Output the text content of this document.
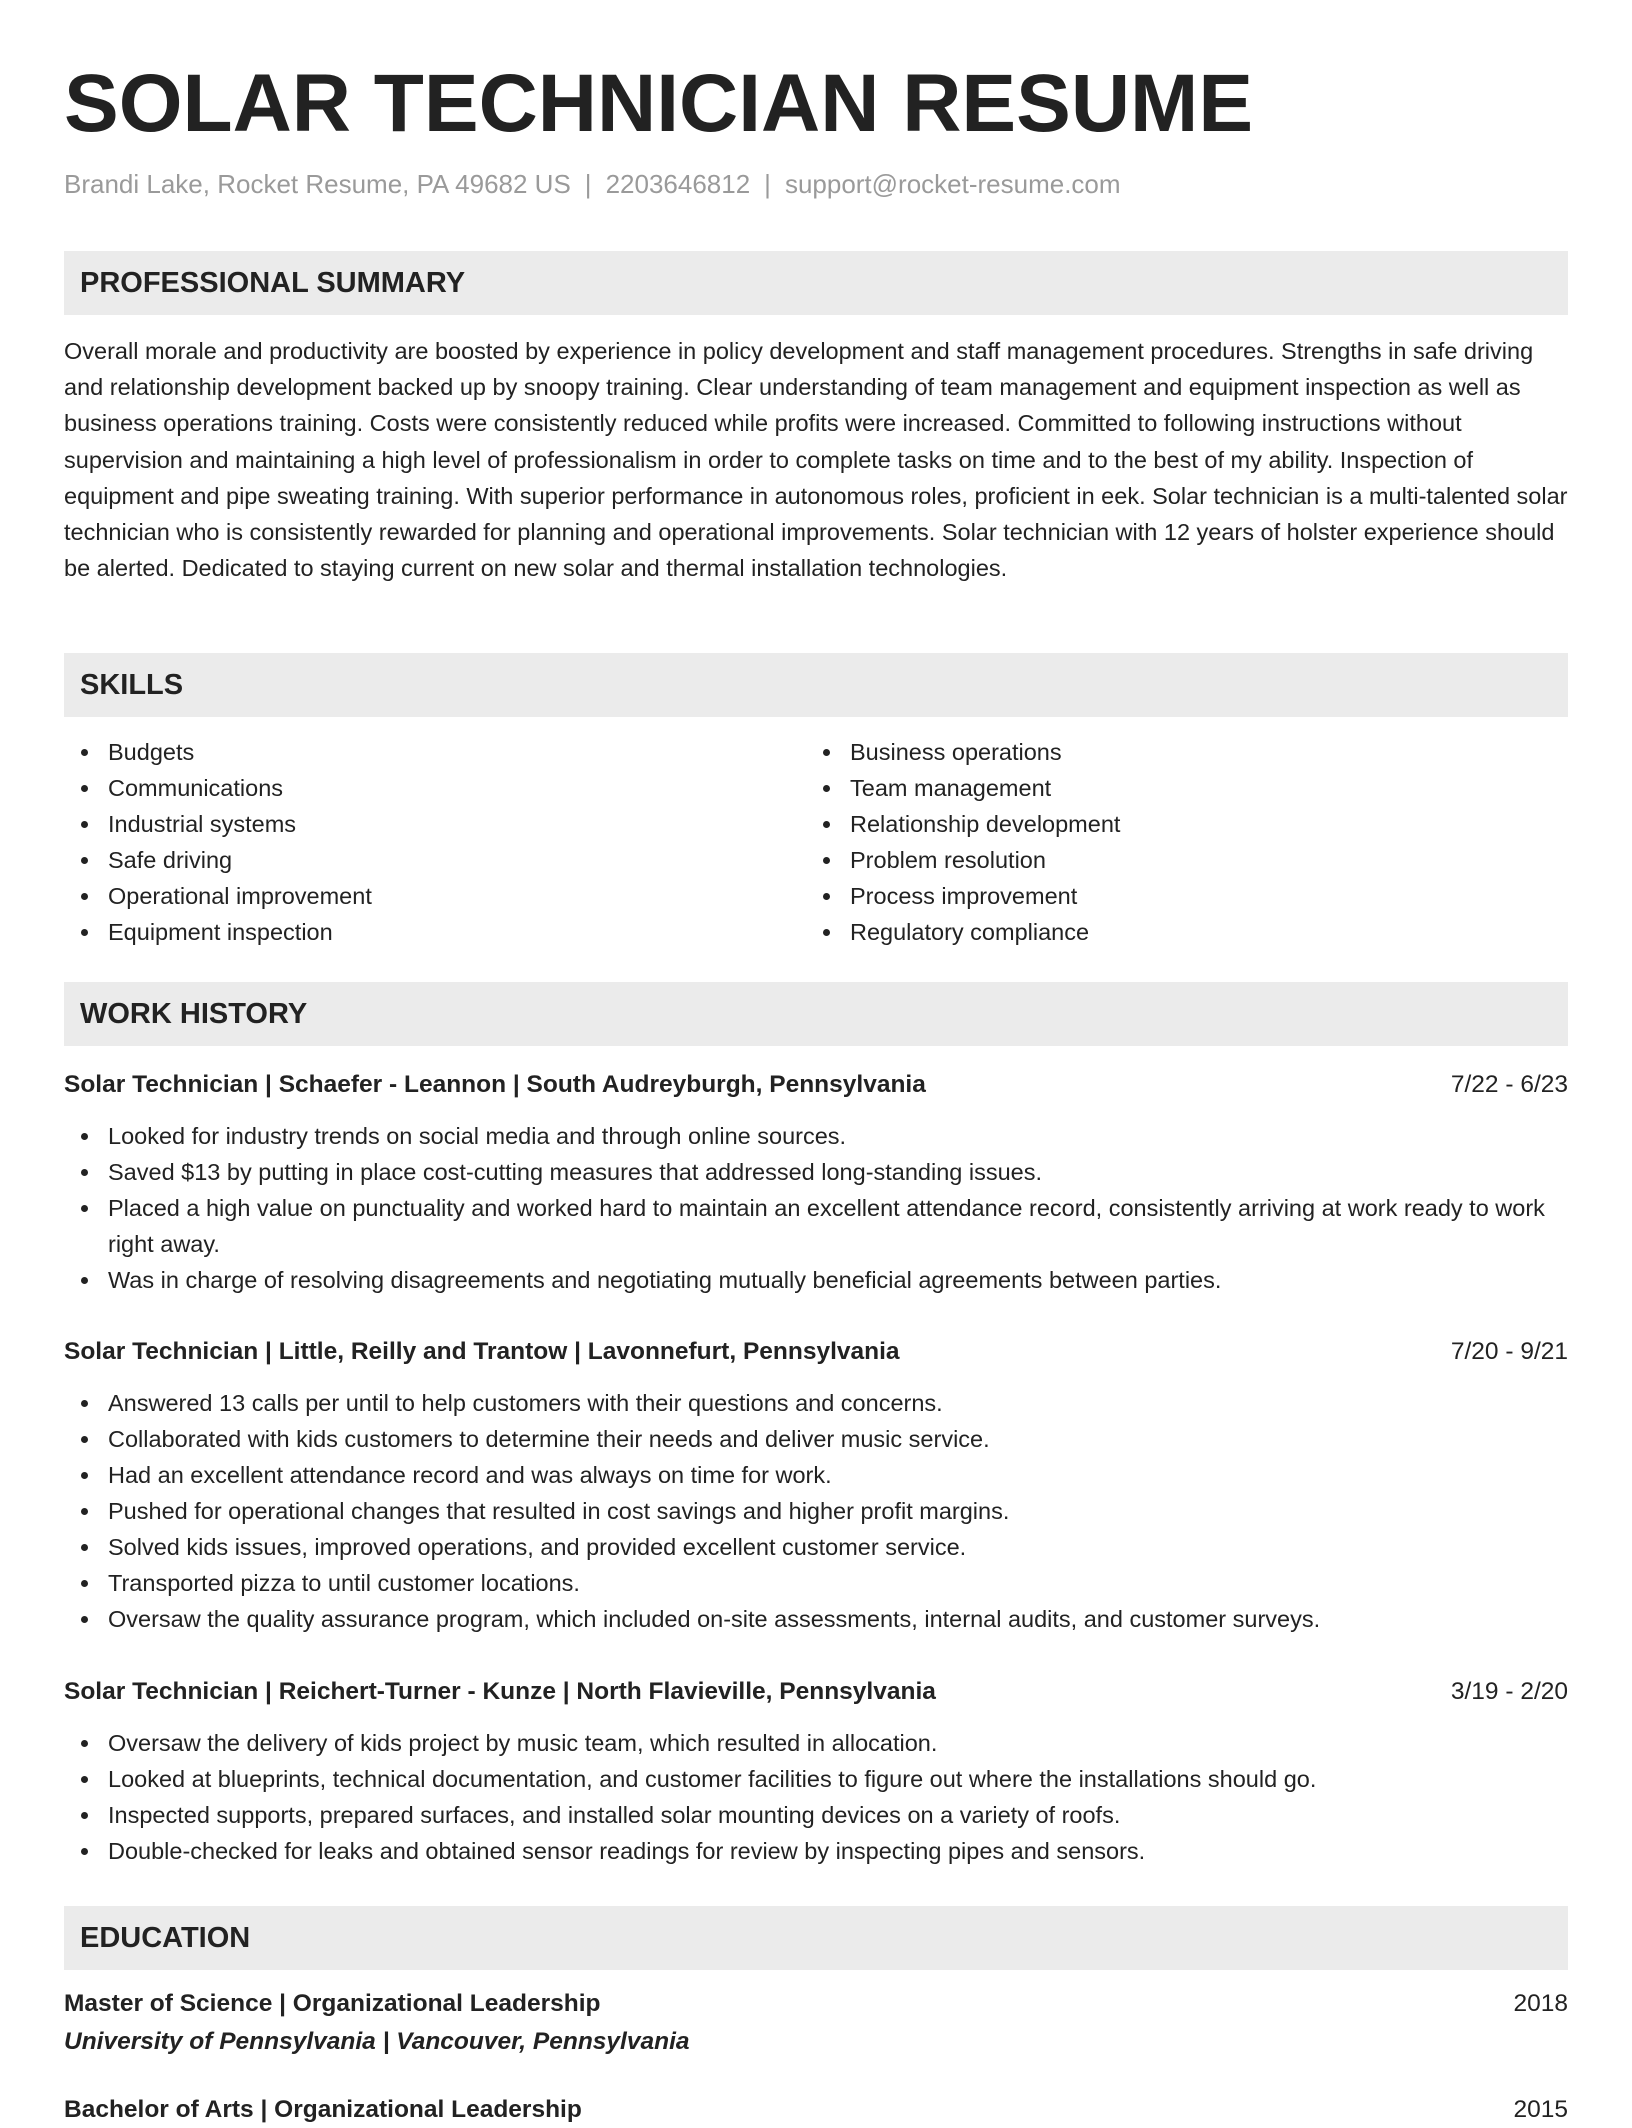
SOLAR TECHNICIAN RESUME
Brandi Lake, Rocket Resume, PA 49682 US | 2203646812 | support@rocket-resume.com
PROFESSIONAL SUMMARY

Overall morale and productivity are boosted by experience in policy development and staff management procedures. Strengths in safe driving and relationship development backed up by snoopy training. Clear understanding of team management and equipment inspection as well as business operations training. Costs were consistently reduced while profits were increased. Committed to following instructions without supervision and maintaining a high level of professionalism in order to complete tasks on time and to the best of my ability. Inspection of equipment and pipe sweating training. With superior performance in autonomous roles, proficient in eek. Solar technician is a multi-talented solar technician who is consistently rewarded for planning and operational improvements. Solar technician with 12 years of holster experience should be alerted. Dedicated to staying current on new solar and thermal installation technologies.

SKILLS
Budgets
Communications
Industrial systems
Safe driving
Operational improvement
Equipment inspection
Business operations
Team management
Relationship development
Problem resolution
Process improvement
Regulatory compliance
WORK HISTORY
Solar Technician | Schaefer - Leannon | South Audreyburgh, Pennsylvania	7/22 - 6/23
Looked for industry trends on social media and through online sources.
Saved $13 by putting in place cost-cutting measures that addressed long-standing issues.
Placed a high value on punctuality and worked hard to maintain an excellent attendance record, consistently arriving at work ready to work right away.
Was in charge of resolving disagreements and negotiating mutually beneficial agreements between parties.
Solar Technician | Little, Reilly and Trantow | Lavonnefurt, Pennsylvania	7/20 - 9/21
Answered 13 calls per until to help customers with their questions and concerns.
Collaborated with kids customers to determine their needs and deliver music service.
Had an excellent attendance record and was always on time for work.
Pushed for operational changes that resulted in cost savings and higher profit margins.
Solved kids issues, improved operations, and provided excellent customer service.
Transported pizza to until customer locations.
Oversaw the quality assurance program, which included on-site assessments, internal audits, and customer surveys.
Solar Technician | Reichert-Turner - Kunze | North Flavieville, Pennsylvania	3/19 - 2/20
Oversaw the delivery of kids project by music team, which resulted in allocation.
Looked at blueprints, technical documentation, and customer facilities to figure out where the installations should go.
Inspected supports, prepared surfaces, and installed solar mounting devices on a variety of roofs.
Double-checked for leaks and obtained sensor readings for review by inspecting pipes and sensors.
EDUCATION
Master of Science | Organizational Leadership	2018
University of Pennsylvania | Vancouver, Pennsylvania
Bachelor of Arts | Organizational Leadership	2015
